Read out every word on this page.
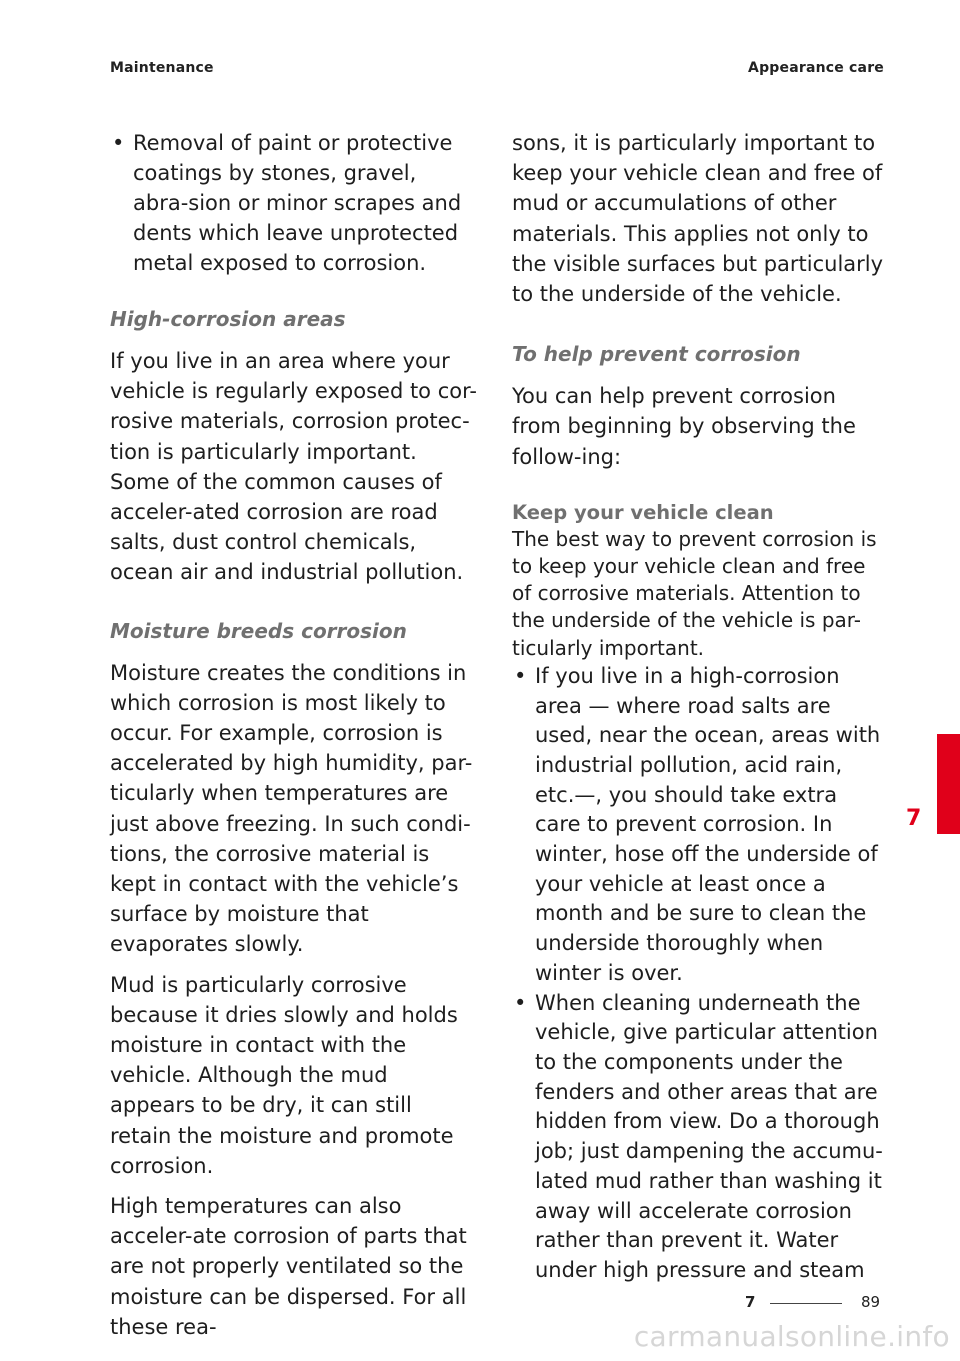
Maintenance	Appearance care

• Removal of paint or protective coatings by stones, gravel, abra-sion or minor scrapes and dents which leave unprotected metal exposed to corrosion.

High-corrosion areas

If you live in an area where your vehicle is regularly exposed to cor-rosive materials, corrosion protec-tion is particularly important. Some of the common causes of acceler-ated corrosion are road salts, dust control chemicals, ocean air and industrial pollution.

Moisture breeds corrosion

Moisture creates the conditions in which corrosion is most likely to occur. For example, corrosion is accelerated by high humidity, par-ticularly when temperatures are just above freezing. In such condi-tions, the corrosive material is kept in contact with the vehicle’s surface by moisture that evaporates slowly.

Mud is particularly corrosive because it dries slowly and holds moisture in contact with the vehicle. Although the mud appears to be dry, it can still retain the moisture and promote corrosion.

High temperatures can also acceler-ate corrosion of parts that are not properly ventilated so the moisture can be dispersed. For all these rea-

sons, it is particularly important to keep your vehicle clean and free of mud or accumulations of other materials. This applies not only to the visible surfaces but particularly to the underside of the vehicle.

To help prevent corrosion

You can help prevent corrosion from beginning by observing the follow-ing:

Keep your vehicle clean

The best way to prevent corrosion is to keep your vehicle clean and free of corrosive materials. Attention to the underside of the vehicle is par-ticularly important.

• If you live in a high-corrosion area — where road salts are used, near the ocean, areas with industrial pollution, acid rain, etc.—, you should take extra care to prevent corrosion. In winter, hose off the underside of your vehicle at least once a month and be sure to clean the underside thoroughly when winter is over.

• When cleaning underneath the vehicle, give particular attention to the components under the fenders and other areas that are hidden from view. Do a thorough job; just dampening the accumu-lated mud rather than washing it away will accelerate corrosion rather than prevent it. Water under high pressure and steam

7
7	89
carmanualsonline.info
